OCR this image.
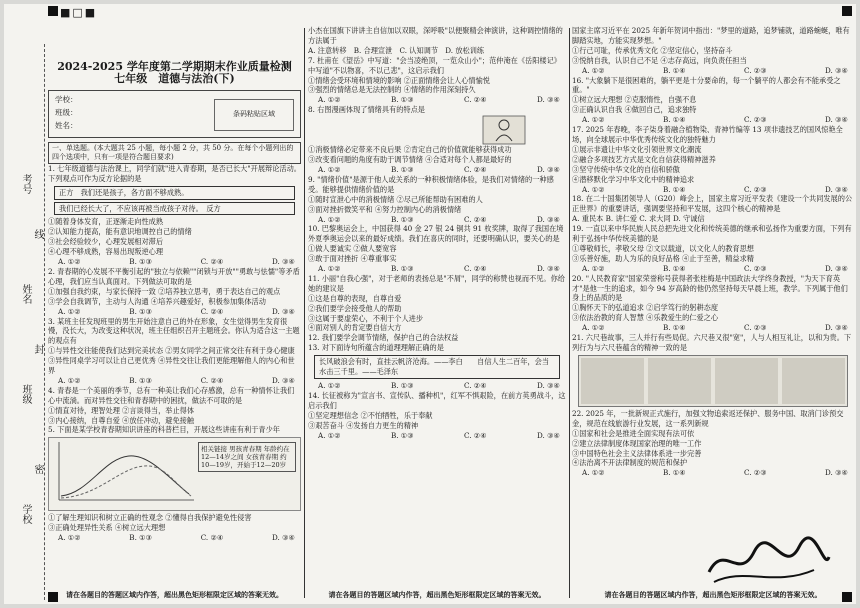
■□■
考号
线
姓名
封
班级
密
学校
2024-2025 学年度第二学期期末作业质量检测
七年级　道德与法治(下)
学校：
班级：
姓名：
条码粘贴区域
一、单选题。(本大题共 25 小题，每小题 2 分，共 50 分。在每个小题列出的四个选项中，只有一项是符合题目要求)

1. 七年级道德与法治课上，同学们就"进入青春期，是否已长大"开展辩论活动。下列观点可作为反方论据的是

正方　我们还是孩子，各方面不够成熟。
我们已经长大了，不应该再被当成孩子对待。　反方

①随着身体发育，正逐渐走向性成熟

②认知能力提高，能有意识地调控自己的情绪

③社会经验较少，心理发展相对滞后

④心理不够成熟，容易出现叛逆心理

A. ①②	B. ①③	C. ②④	D. ③④

2. 青春期的心发展不平衡引起的"独立与依赖""闭锁与开放""勇敢与怯懦"等矛盾心理，我们应当认真面对。下列做法可取的是

①加强自我约束，与家长保持一致 ②培养独立思考，勇于表达自己的观点

③学会自我调节，主动与人沟通 ④培养兴趣爱好，积极参加集体活动

A. ①②	B. ①③	C. ②④	D. ③④

3. 某班主任发现班里的男生开始注意自己的外在形象，女生觉得男生发育很慢，没长大，为改变这种状况，班主任组织召开主题班会。你认为适合这一主题的观点有

①与异性交往能使我们达到完美状态 ②男女同学之间正常交往有利于身心健康

③异性同桌学习可以让自己更优秀 ④异性交往让我们更能理解他人的内心和世界

A. ①②	B. ①③	C. ②④	D. ③④

4. 青春是一个美丽的季节，总有一种美让我们心存感激，总有一种情怀让我们心中流淌。而对异性交往和青春期中的困扰，做法不可取的是

①情直对待，理智处理 ②言谈得当，举止得体

③内心接纳，自尊自爱 ④放任冲动，避免接触

5. 下面是某学校青春期知识讲座的科普栏目，开展这些讲座有利于青少年

相关链接 男孩青春期 年龄约在12—14岁之间 女孩青春期 约10—19岁，开始于12—20岁

①了解生理知识和树立正确的性观念 ②懂得自我保护避免性侵害

③正确处理异性关系 ④树立远大理想

A. ①②	B. ①③	C. ②④	D. ③④

小杰在国旗下讲讲主自信加以双眼，深呼吸"以便聚精会神演讲，这种调控情绪的方法属于

A. 注意转移　B. 合理宣泄　C. 认知调节　D. 放松训练

7. 杜甫在《望岳》中写道："会当凌绝顶，一览众山小"；范仲淹在《岳阳楼记》中写道"不以物喜，不以己悲"，这启示我们

①情绪会受环境和情境的影响 ②正面情绪会让人心情愉悦

③强烈的情绪总是无法控制的 ④情绪的作用深刻持久

A. ①②	B. ①③	C. ②④	D. ③④

8. 右图漫画体现了情绪具有的特点是

①消极情绪必定带来不良后果 ②肯定自己的价值就能够获得成功

③改变看问题的角度有助于调节情绪 ④合适对每个人都是最好的

A. ①②	B. ①③	C. ②④	D. ③④

9. "情绪价值"是源于他人或关系的一种积极情绪体验，是我们对情绪的一种感受。能够提供情绪价值的是

①随时宣泄心中的消极情绪 ②尽己所能帮助有困难的人

③面对挫折微笑平和 ④努力控制内心的消极情绪

A. ①②	B. ①③	C. ②④	D. ③④

10. 巴黎奥运会上，中国获得 40 金 27 银 24 铜共 91 枚奖牌，取得了我国在境外夏季奥运会以来的最好成绩。我们在喜庆的同时，还要明确认识，要关心的是

①做人要诚实 ②做人要宽容

③敢于面对挫折 ④尊重事实

A. ①②	B. ①③	C. ②④	D. ③④

11. 小丽"自我心强"，对于老师的表扬总是"不屑"，同学的称赞也视而不见。你给她的建议是

①这是自尊的表现，自尊自爱

②我们要学会接受他人的帮助

③这属于要虚荣心，不利于个人进步

④面对别人的肯定要自信大方

12. 我们要学会调节情绪，保护自己的合法权益

13. 对下面诗句所蕴含的道理理解正确的是

长风破浪会有时，直挂云帆济沧海。——李白　　自信人生二百年，会当水击三千里。——毛泽东
A. ①②	B. ①③	C. ②④	D. ③④

14. 长征被称为"宣言书、宣传队、播种机"，红军不惧艰险，在前方英勇战斗，这启示我们

①坚定理想信念 ②不怕牺牲，乐于奉献

③艰苦奋斗 ④发扬自力更生的精神

A. ①②	B. ①③	C. ②④	D. ③④

国家主席习近平在 2025 年新年贺词中指出："梦里的道路，追梦铺就，道路蜿蜒，唯有脚踏实地，方能实现梦想。"

①行己可耻，传承优秀文化 ②坚定信心，坚持奋斗

③悦纳自我，认识自己不足 ④志存高远，向负责任担当

A. ①②	B. ①④	C. ②③	D. ③④

16. "大象躺下是很困难的，躺平更是十分要命的，每一个躺平的人都会有不能承受之重。"

①树立远大理想 ②克服惰性，自强不息

③正确认识自我 ④做回自己，追求独特

A. ①②	B. ①④	C. ②③	D. ③④

17. 2025 年春晚，李子柒身着融合植物染、青神竹编等 13 项非遗技艺的国风惊艳全场，向全球展示中华优秀传统文化的独特魅力

①展示非遗让中华文化引领世界文化潮流

②融合多项技艺方式是文化自信获得精神滋养

③坚守传统中华文化的自信和骄傲

④潜移默化学习中华文化中的精神追求

A. ①②	B. ①④	C. ②③	D. ③④

18. 在二十国集团领导人（G20）峰会上，国家主席习近平发表《建设一个共同发展的公正世界》的重要讲话，强调要坚持和平发展，这四个核心的精神是

A. 重民本 B. 讲仁爱 C. 求大同 D. 守诚信

19. 一直以来中华民族人民总把先进文化和传统美德的继承和弘扬作为重要方面，下列有利于弘扬中华传统美德的是

①尊敬师长，孝敬父母 ②文以载道，以文化人的教育思想

③乐善好施，助人为乐的良好品格 ④止于至善，精益求精

A. ①②	B. ①④	C. ②③	D. ③④

20. "人民教育家"国家荣誉称号获得者张桂梅是中国政法大学终身教授，"为天下育英才"是他一生的追求，如今 94 岁高龄的他仍然坚持每天早晨上班，教学。下列属于他们身上的品质的是

①胸怀天下的弘道追求 ②启学笃行的躬耕态度

③依法治教的育人智慧 ④乐教爱生的仁爱之心

A. ①②	B. ①④	C. ②③	D. ③④

21. 六尺巷故事，三人并行有些局促。六尺巷又很"宽"，人与人相互礼让，以和为贵。下列行为与六尺巷蕴含的精神一致的是

22. 2025 年，一批新规正式施行，加强文物追索返还保护、服务中国、取消门诊预交金，规范在线旅游行业发展，这一系列新规

①国家和社会是推进全面实现有法可依

②建立法律制度体现国家治理的唯一工作

③中国特色社会主义法律体系进一步完善

④法治离不开法律制度的规范和保护

A. ①②	B. ①④	C. ②③	D. ③④
请在各题目的答题区域内作答，超出黑色矩形框限定区域的答案无效。	请在各题目的答题区域内作答，超出黑色矩形框限定区域的答案无效。	请在各题目的答题区域内作答，超出黑色矩形框限定区域的答案无效。
